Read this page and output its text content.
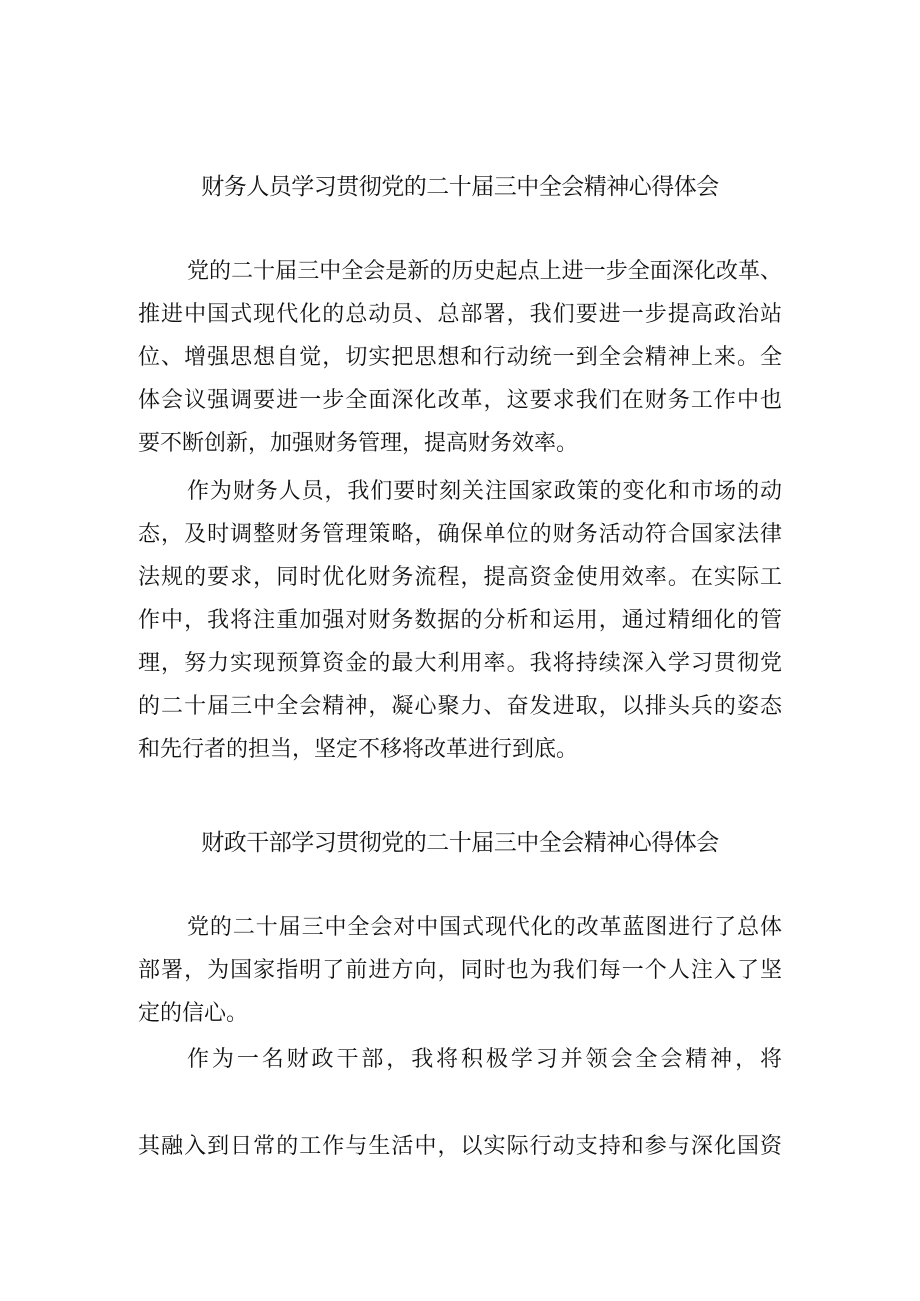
财务人员学习贯彻党的二十届三中全会精神心得体会

党的二十届三中全会是新的历史起点上进一步全面深化改革、

推进中国式现代化的总动员、总部署，我们要进一步提高政治站

位、增强思想自觉，切实把思想和行动统一到全会精神上来。全

体会议强调要进一步全面深化改革，这要求我们在财务工作中也

要不断创新，加强财务管理，提高财务效率。

作为财务人员，我们要时刻关注国家政策的变化和市场的动

态，及时调整财务管理策略，确保单位的财务活动符合国家法律

法规的要求，同时优化财务流程，提高资金使用效率。在实际工

作中，我将注重加强对财务数据的分析和运用，通过精细化的管

理，努力实现预算资金的最大利用率。我将持续深入学习贯彻党

的二十届三中全会精神，凝心聚力、奋发进取，以排头兵的姿态

和先行者的担当，坚定不移将改革进行到底。

财政干部学习贯彻党的二十届三中全会精神心得体会

党的二十届三中全会对中国式现代化的改革蓝图进行了总体

部署，为国家指明了前进方向，同时也为我们每一个人注入了坚

定的信心。

作为一名财政干部，我将积极学习并领会全会精神，将

其融入到日常的工作与生活中，以实际行动支持和参与深化国资
